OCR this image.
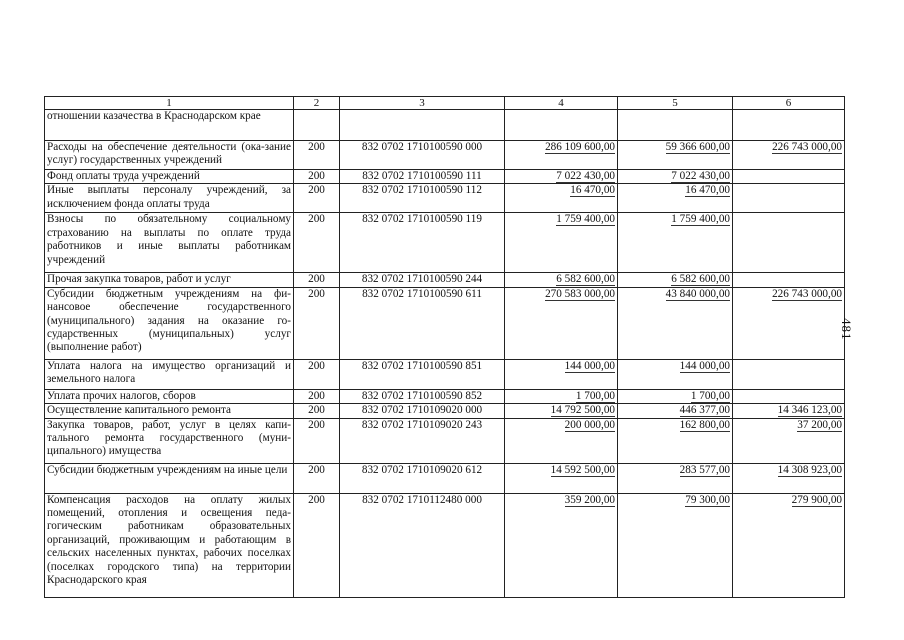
1	2	3	4	5	6
отношении казачества в Краснодарском крае					
Расходы на обеспечение деятельности (ока-зание услуг) государственных учреждений	200	832 0702 1710100590 000	286 109 600,00	59 366 600,00	226 743 000,00
Фонд оплаты труда учреждений	200	832 0702 1710100590 111	7 022 430,00	7 022 430,00	
Иные выплаты персоналу учреждений, за исключением фонда оплаты труда	200	832 0702 1710100590 112	16 470,00	16 470,00	
Взносы по обязательному социальному страхованию на выплаты по оплате труда работников и иные выплаты работникам учреждений	200	832 0702 1710100590 119	1 759 400,00	1 759 400,00	
Прочая закупка товаров, работ и услуг	200	832 0702 1710100590 244	6 582 600,00	6 582 600,00	
Субсидии бюджетным учреждениям на фи-нансовое обеспечение государственного (муниципального) задания на оказание го-сударственных (муниципальных) услуг (выполнение работ)	200	832 0702 1710100590 611	270 583 000,00	43 840 000,00	226 743 000,00
Уплата налога на имущество организаций и земельного налога	200	832 0702 1710100590 851	144 000,00	144 000,00	
Уплата прочих налогов, сборов	200	832 0702 1710100590 852	1 700,00	1 700,00	
Осуществление капитального ремонта	200	832 0702 1710109020 000	14 792 500,00	446 377,00	14 346 123,00
Закупка товаров, работ, услуг в целях капи-тального ремонта государственного (муни-ципального) имущества	200	832 0702 1710109020 243	200 000,00	162 800,00	37 200,00
Субсидии бюджетным учреждениям на иные цели	200	832 0702 1710109020 612	14 592 500,00	283 577,00	14 308 923,00
Компенсация расходов на оплату жилых помещений, отопления и освещения педа-гогическим работникам образовательных организаций, проживающим и работающим в сельских населенных пунктах, рабочих поселках (поселках городского типа) на территории Краснодарского края	200	832 0702 1710112480 000	359 200,00	79 300,00	279 900,00
481
